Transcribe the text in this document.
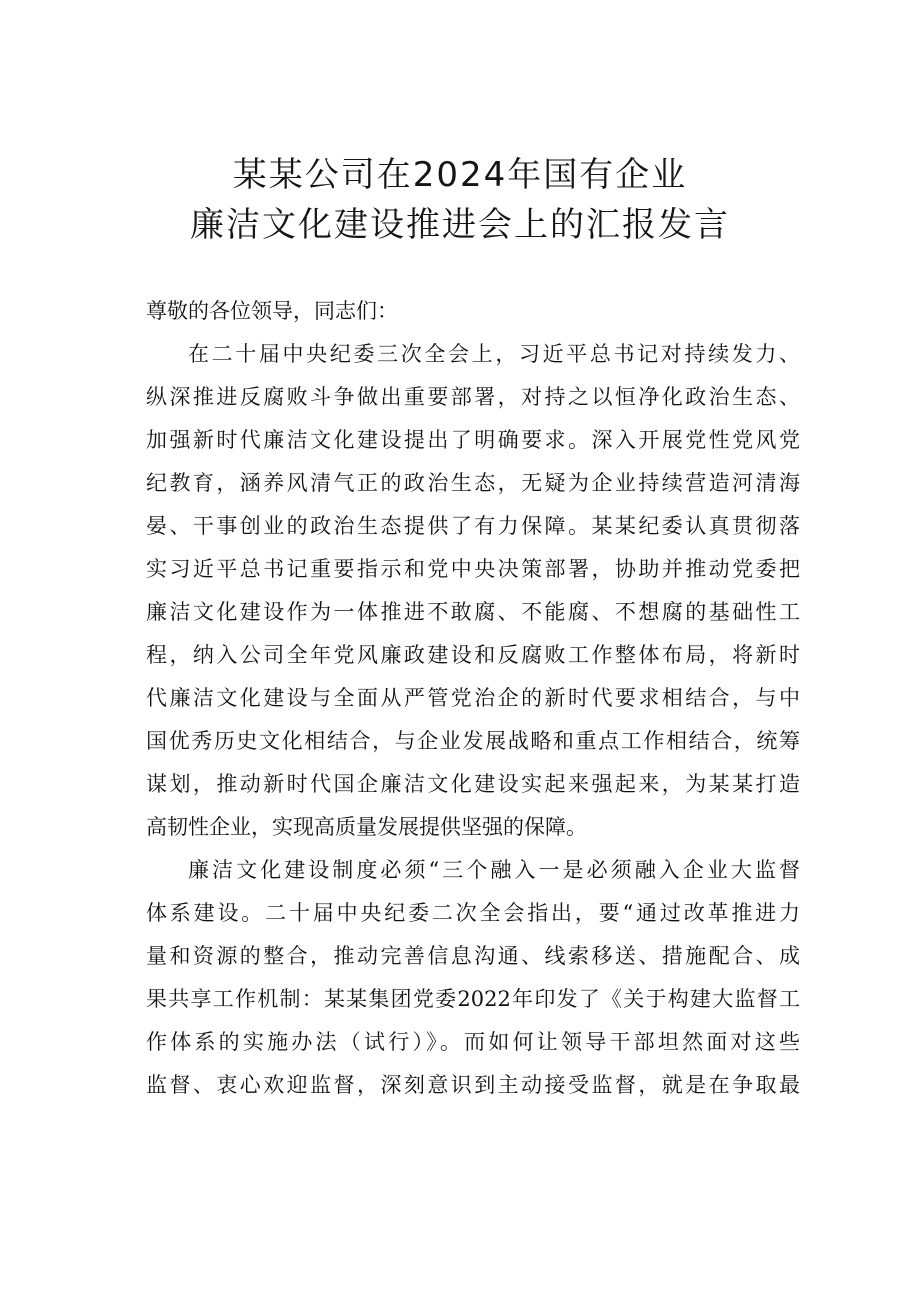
某某公司在2024年国有企业
廉洁文化建设推进会上的汇报发言
尊敬的各位领导，同志们：
在二十届中央纪委三次全会上，习近平总书记对持续发力、
纵深推进反腐败斗争做出重要部署，对持之以恒净化政治生态、
加强新时代廉洁文化建设提出了明确要求。深入开展党性党风党
纪教育，涵养风清气正的政治生态，无疑为企业持续营造河清海
晏、干事创业的政治生态提供了有力保障。某某纪委认真贯彻落
实习近平总书记重要指示和党中央决策部署，协助并推动党委把
廉洁文化建设作为一体推进不敢腐、不能腐、不想腐的基础性工
程，纳入公司全年党风廉政建设和反腐败工作整体布局，将新时
代廉洁文化建设与全面从严管党治企的新时代要求相结合，与中
国优秀历史文化相结合，与企业发展战略和重点工作相结合，统筹
谋划，推动新时代国企廉洁文化建设实起来强起来，为某某打造
高韧性企业，实现高质量发展提供坚强的保障。
廉洁文化建设制度必须“三个融入一是必须融入企业大监督
体系建设。二十届中央纪委二次全会指出，要“通过改革推进力
量和资源的整合，推动完善信息沟通、线索移送、措施配合、成
果共享工作机制：某某集团党委2022年印发了《关于构建大监督工
作体系的实施办法（试行）》。而如何让领导干部坦然面对这些
监督、衷心欢迎监督，深刻意识到主动接受监督，就是在争取最
